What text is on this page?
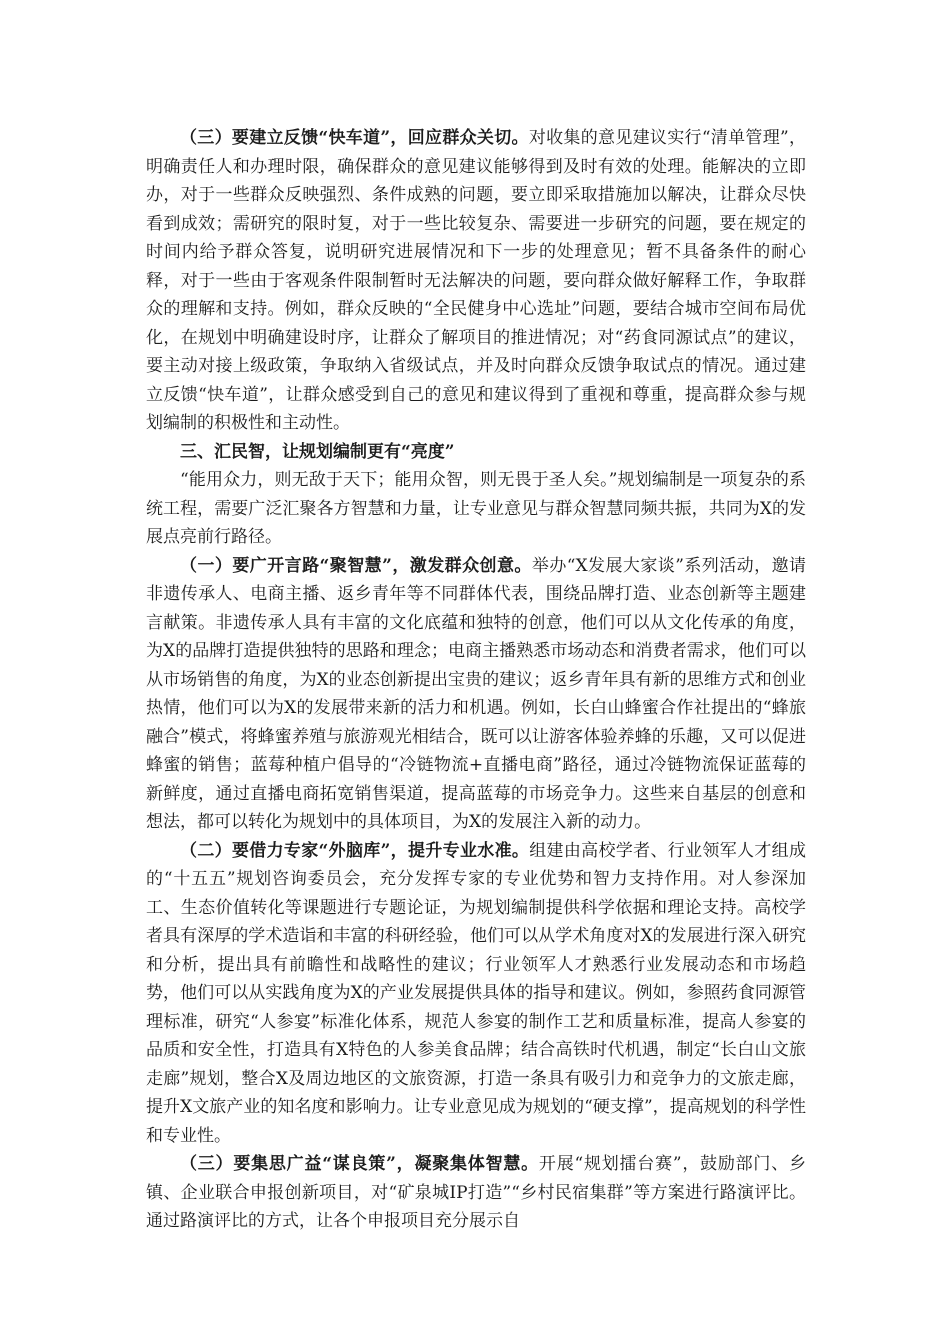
（三）要建立反馈“快车道”，回应群众关切。对收集的意见建议实行“清单管理”，明确责任人和办理时限，确保群众的意见建议能够得到及时有效的处理。能解决的立即办，对于一些群众反映强烈、条件成熟的问题，要立即采取措施加以解决，让群众尽快看到成效；需研究的限时复，对于一些比较复杂、需要进一步研究的问题，要在规定的时间内给予群众答复，说明研究进展情况和下一步的处理意见；暂不具备条件的耐心释，对于一些由于客观条件限制暂时无法解决的问题，要向群众做好解释工作，争取群众的理解和支持。例如，群众反映的“全民健身中心选址”问题，要结合城市空间布局优化，在规划中明确建设时序，让群众了解项目的推进情况；对“药食同源试点”的建议，要主动对接上级政策，争取纳入省级试点，并及时向群众反馈争取试点的情况。通过建立反馈“快车道”，让群众感受到自己的意见和建议得到了重视和尊重，提高群众参与规划编制的积极性和主动性。

三、汇民智，让规划编制更有“亮度”

“能用众力，则无敌于天下；能用众智，则无畏于圣人矣。”规划编制是一项复杂的系统工程，需要广泛汇聚各方智慧和力量，让专业意见与群众智慧同频共振，共同为X的发展点亮前行路径。

（一）要广开言路“聚智慧”，激发群众创意。举办“X发展大家谈”系列活动，邀请非遗传承人、电商主播、返乡青年等不同群体代表，围绕品牌打造、业态创新等主题建言献策。非遗传承人具有丰富的文化底蕴和独特的创意，他们可以从文化传承的角度，为X的品牌打造提供独特的思路和理念；电商主播熟悉市场动态和消费者需求，他们可以从市场销售的角度，为X的业态创新提出宝贵的建议；返乡青年具有新的思维方式和创业热情，他们可以为X的发展带来新的活力和机遇。例如，长白山蜂蜜合作社提出的“蜂旅融合”模式，将蜂蜜养殖与旅游观光相结合，既可以让游客体验养蜂的乐趣，又可以促进蜂蜜的销售；蓝莓种植户倡导的“冷链物流+直播电商”路径，通过冷链物流保证蓝莓的新鲜度，通过直播电商拓宽销售渠道，提高蓝莓的市场竞争力。这些来自基层的创意和想法，都可以转化为规划中的具体项目，为X的发展注入新的动力。

（二）要借力专家“外脑库”，提升专业水准。组建由高校学者、行业领军人才组成的“十五五”规划咨询委员会，充分发挥专家的专业优势和智力支持作用。对人参深加工、生态价值转化等课题进行专题论证，为规划编制提供科学依据和理论支持。高校学者具有深厚的学术造诣和丰富的科研经验，他们可以从学术角度对X的发展进行深入研究和分析，提出具有前瞻性和战略性的建议；行业领军人才熟悉行业发展动态和市场趋势，他们可以从实践角度为X的产业发展提供具体的指导和建议。例如，参照药食同源管理标准，研究“人参宴”标准化体系，规范人参宴的制作工艺和质量标准，提高人参宴的品质和安全性，打造具有X特色的人参美食品牌；结合高铁时代机遇，制定“长白山文旅走廊”规划，整合X及周边地区的文旅资源，打造一条具有吸引力和竞争力的文旅走廊，提升X文旅产业的知名度和影响力。让专业意见成为规划的“硬支撑”，提高规划的科学性和专业性。

（三）要集思广益“谋良策”，凝聚集体智慧。开展“规划擂台赛”，鼓励部门、乡镇、企业联合申报创新项目，对“矿泉城IP打造”“乡村民宿集群”等方案进行路演评比。通过路演评比的方式，让各个申报项目充分展示自
